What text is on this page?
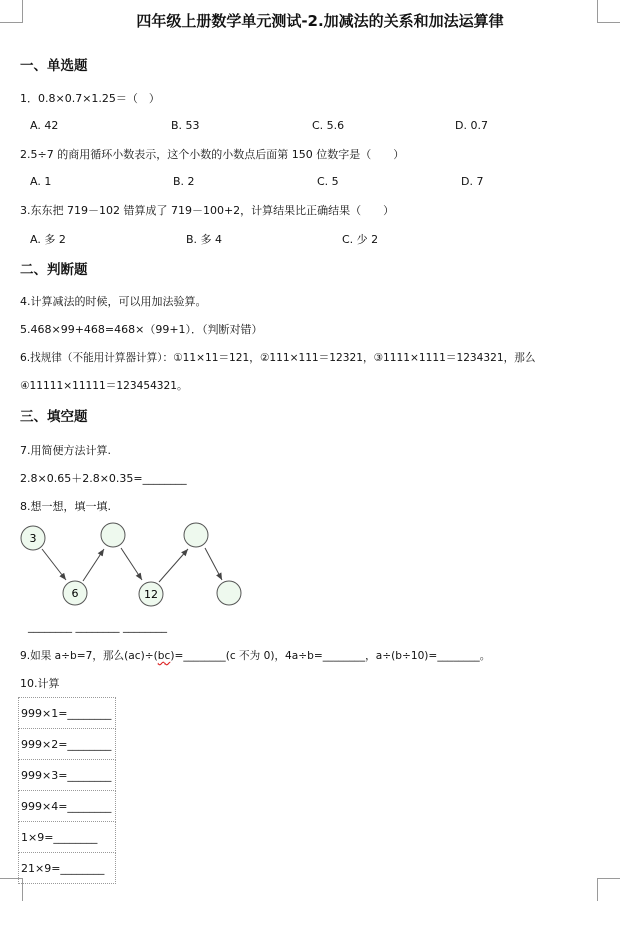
四年级上册数学单元测试-2.加减法的关系和加法运算律
一、单选题
1．0.8×0.7×1.25＝（　）
A. 42	B. 53	C. 5.6	D. 0.7
2.5÷7 的商用循环小数表示，这个小数的小数点后面第 150 位数字是（　　）
A. 1	B. 2	C. 5	D. 7
3.东东把 719－102 错算成了 719－100+2，计算结果比正确结果（　　）
A. 多 2	B. 多 4	C. 少 2
二、判断题
4.计算减法的时候，可以用加法验算。
5.468×99+468=468×（99+1）．（判断对错）
6.找规律（不能用计算器计算）：①11×11＝121，②111×111＝12321，③1111×1111＝1234321，那么
④11111×11111＝123454321。
三、填空题
7.用简便方法计算.
2.8×0.65＋2.8×0.35=________
8.想一想，填一填.
3
6	12
________ ________ ________
9.如果 a÷b=7，那么(ac)÷(bc)=________(c 不为 0)，4a÷b=________，a÷(b÷10)=________。
10.计算
999×1=________
999×2=________
999×3=________
999×4=________
1×9=________
21×9=________
